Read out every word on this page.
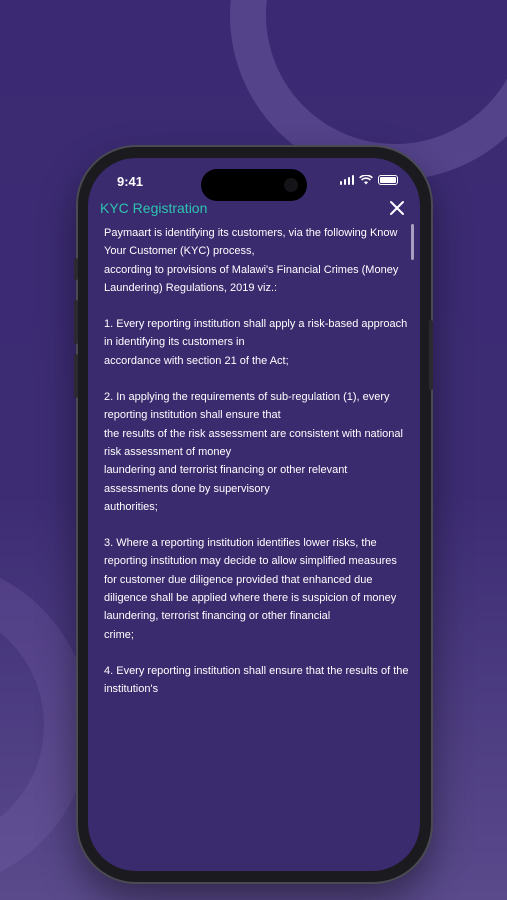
9:41
KYC Registration

Paymaart is identifying its customers, via the following Know Your Customer (KYC) process,
according to provisions of Malawi's Financial Crimes (Money Laundering) Regulations, 2019 viz.:

1. Every reporting institution shall apply a risk-based approach in identifying its customers in
accordance with section 21 of the Act;

2. In applying the requirements of sub-regulation (1), every reporting institution shall ensure that
the results of the risk assessment are consistent with national risk assessment of money
laundering and terrorist financing or other relevant assessments done by supervisory
authorities;

3. Where a reporting institution identifies lower risks, the reporting institution may decide to allow simplified measures for customer due diligence provided that enhanced due diligence shall be applied where there is suspicion of money laundering, terrorist financing or other financial
crime;

4. Every reporting institution shall ensure that the results of the institution's
